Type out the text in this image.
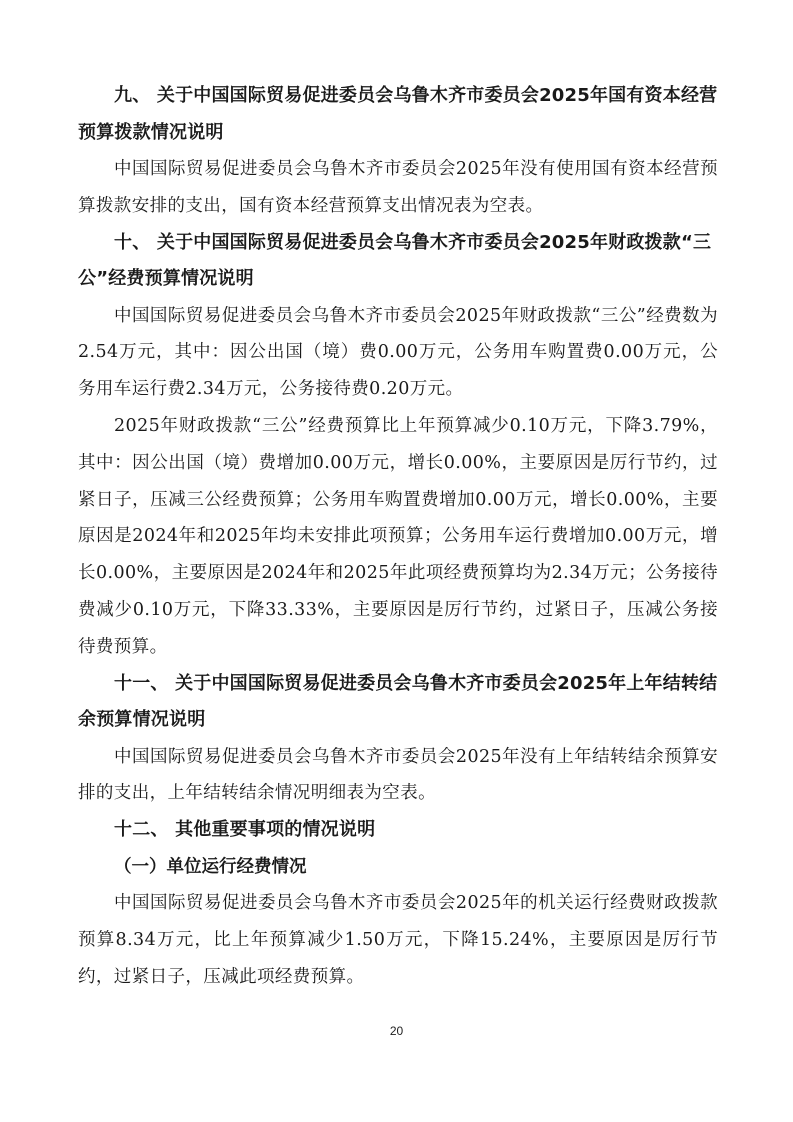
九、 关于中国国际贸易促进委员会乌鲁木齐市委员会2025年国有资本经营预算拨款情况说明

中国国际贸易促进委员会乌鲁木齐市委员会2025年没有使用国有资本经营预算拨款安排的支出，国有资本经营预算支出情况表为空表。

十、 关于中国国际贸易促进委员会乌鲁木齐市委员会2025年财政拨款“三公”经费预算情况说明

中国国际贸易促进委员会乌鲁木齐市委员会2025年财政拨款“三公”经费数为2.54万元，其中：因公出国（境）费0.00万元，公务用车购置费0.00万元，公务用车运行费2.34万元，公务接待费0.20万元。

2025年财政拨款“三公”经费预算比上年预算减少0.10万元，下降3.79%，其中：因公出国（境）费增加0.00万元，增长0.00%，主要原因是厉行节约，过紧日子，压减三公经费预算；公务用车购置费增加0.00万元，增长0.00%，主要原因是2024年和2025年均未安排此项预算；公务用车运行费增加0.00万元，增长0.00%，主要原因是2024年和2025年此项经费预算均为2.34万元；公务接待费减少0.10万元，下降33.33%，主要原因是厉行节约，过紧日子，压减公务接待费预算。

十一、 关于中国国际贸易促进委员会乌鲁木齐市委员会2025年上年结转结余预算情况说明

中国国际贸易促进委员会乌鲁木齐市委员会2025年没有上年结转结余预算安排的支出，上年结转结余情况明细表为空表。

十二、 其他重要事项的情况说明

（一）单位运行经费情况

中国国际贸易促进委员会乌鲁木齐市委员会2025年的机关运行经费财政拨款预算8.34万元，比上年预算减少1.50万元，下降15.24%，主要原因是厉行节约，过紧日子，压减此项经费预算。

20
